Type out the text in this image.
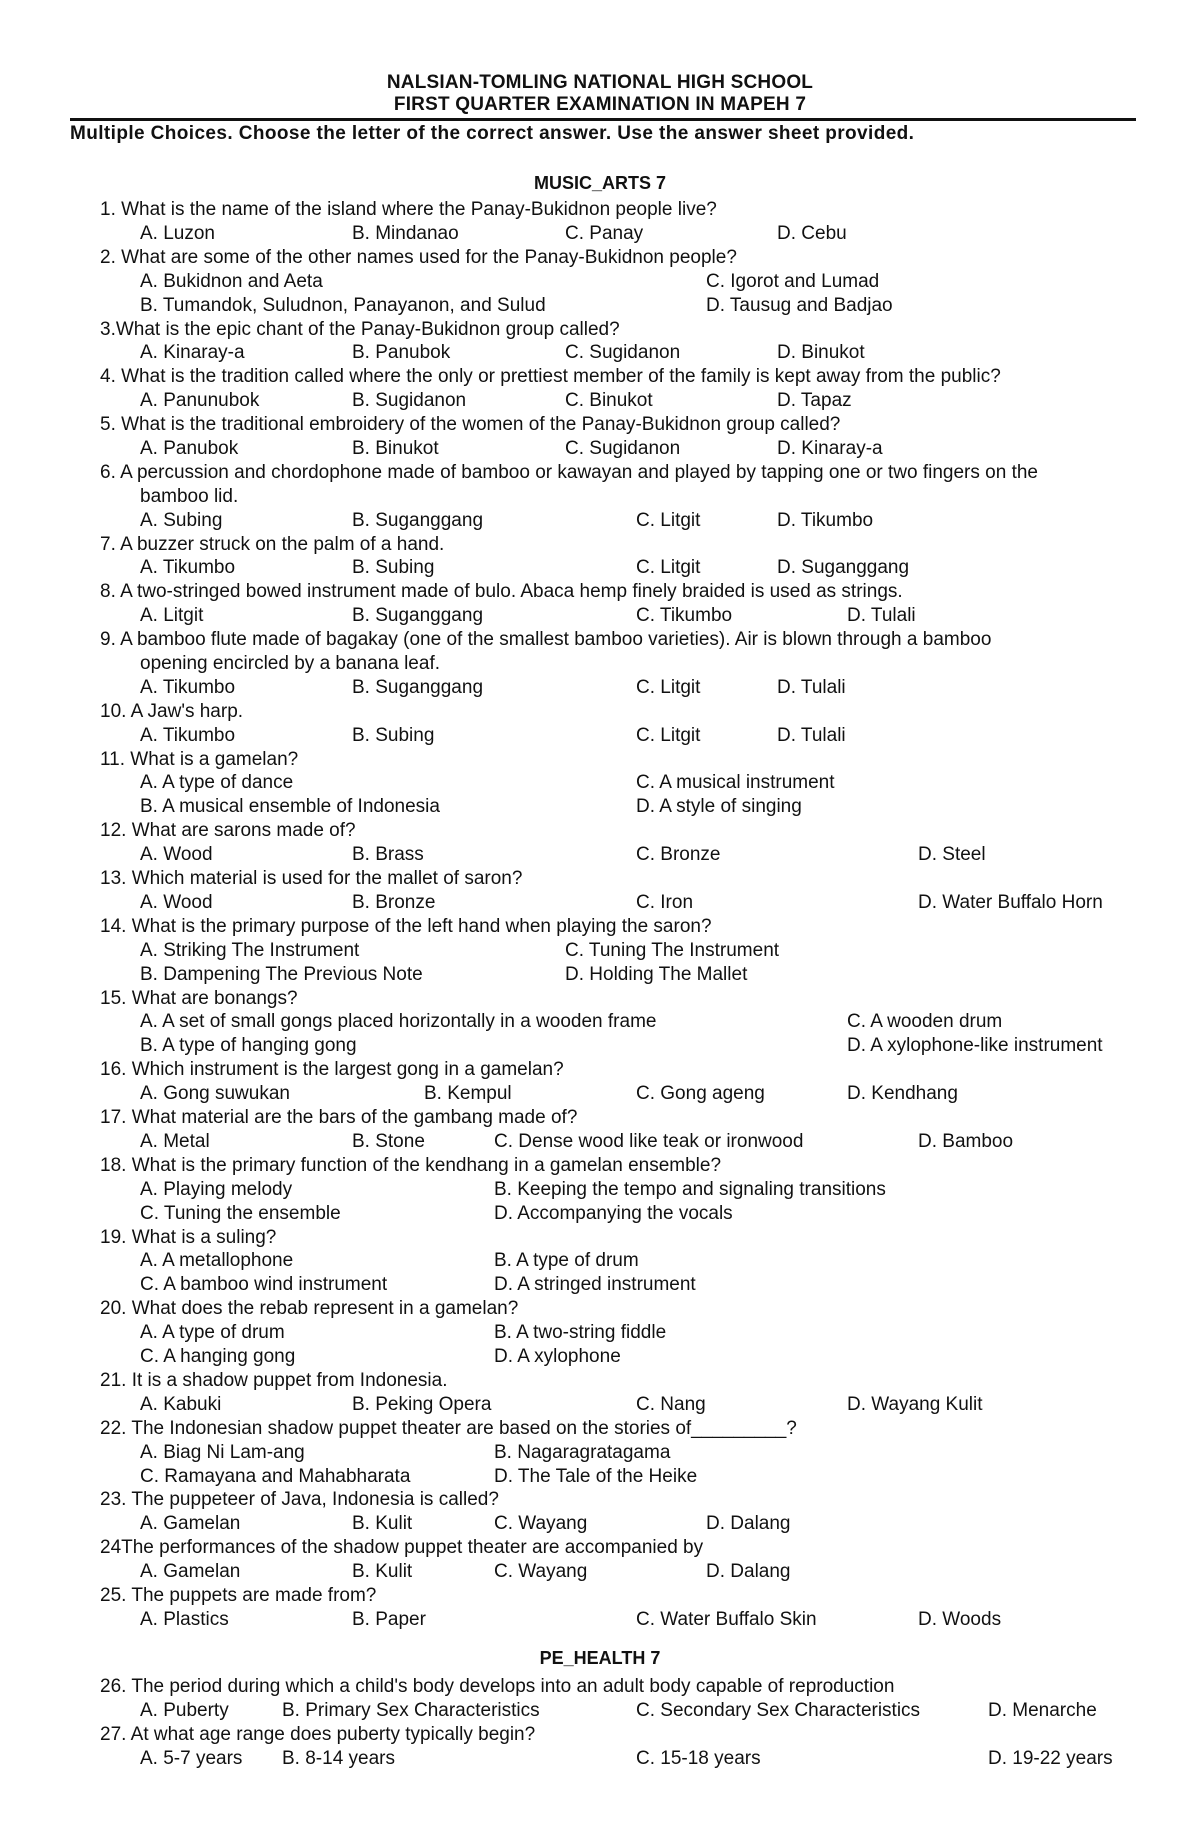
NALSIAN-TOMLING NATIONAL HIGH SCHOOL
FIRST QUARTER EXAMINATION IN MAPEH 7
Multiple Choices. Choose the letter of the correct answer. Use the answer sheet provided.
MUSIC_ARTS 7
PE_HEALTH 7
1. What is the name of the island where the Panay-Bukidnon people live?
A. Luzon	B. Mindanao	C. Panay	D. Cebu
2. What are some of the other names used for the Panay-Bukidnon people?
A. Bukidnon and Aeta	C. Igorot and Lumad
B. Tumandok, Suludnon, Panayanon, and Sulud	D. Tausug and Badjao
3.What is the epic chant of the Panay-Bukidnon group called?
A. Kinaray-a	B. Panubok	C. Sugidanon	D. Binukot
4. What is the tradition called where the only or prettiest member of the family is kept away from the public?
A. Panunubok	B. Sugidanon	C. Binukot	D. Tapaz
5. What is the traditional embroidery of the women of the Panay-Bukidnon group called?
A. Panubok	B. Binukot	C. Sugidanon	D. Kinaray-a
6. A percussion and chordophone made of bamboo or kawayan and played by tapping one or two fingers on the
bamboo lid.
A. Subing	B. Suganggang	C. Litgit	D. Tikumbo
7. A buzzer struck on the palm of a hand.
A. Tikumbo	B. Subing	C. Litgit	D. Suganggang
8. A two-stringed bowed instrument made of bulo. Abaca hemp finely braided is used as strings.
A. Litgit	B. Suganggang	C. Tikumbo	D. Tulali
9. A bamboo flute made of bagakay (one of the smallest bamboo varieties). Air is blown through a bamboo
opening encircled by a banana leaf.
A. Tikumbo	B. Suganggang	C. Litgit	D. Tulali
10. A Jaw's harp.
A. Tikumbo	B. Subing	C. Litgit	D. Tulali
11. What is a gamelan?
A. A type of dance	C. A musical instrument
B. A musical ensemble of Indonesia	D. A style of singing
12. What are sarons made of?
A. Wood	B. Brass	C. Bronze	D. Steel
13. Which material is used for the mallet of saron?
A. Wood	B. Bronze	C. Iron	D. Water Buffalo Horn
14. What is the primary purpose of the left hand when playing the saron?
A. Striking The Instrument	C. Tuning The Instrument
B. Dampening The Previous Note	D. Holding The Mallet
15. What are bonangs?
A. A set of small gongs placed horizontally in a wooden frame	C. A wooden drum
B. A type of hanging gong	D. A xylophone-like instrument
16. Which instrument is the largest gong in a gamelan?
A. Gong suwukan	B. Kempul	C. Gong ageng	D. Kendhang
17. What material are the bars of the gambang made of?
A. Metal	B. Stone	C. Dense wood like teak or ironwood	D. Bamboo
18. What is the primary function of the kendhang in a gamelan ensemble?
A. Playing melody	B. Keeping the tempo and signaling transitions
C. Tuning the ensemble	D. Accompanying the vocals
19. What is a suling?
A. A metallophone	B. A type of drum
C. A bamboo wind instrument	D. A stringed instrument
20. What does the rebab represent in a gamelan?
A. A type of drum	B. A two-string fiddle
C. A hanging gong	D. A xylophone
21. It is a shadow puppet from Indonesia.
A. Kabuki	B. Peking Opera	C. Nang	D. Wayang Kulit
22. The Indonesian shadow puppet theater are based on the stories of_________?
A. Biag Ni Lam-ang	B. Nagaragratagama
C. Ramayana and Mahabharata	D. The Tale of the Heike
23. The puppeteer of Java, Indonesia is called?
A. Gamelan	B. Kulit	C. Wayang	D. Dalang
24The performances of the shadow puppet theater are accompanied by
A. Gamelan	B. Kulit	C. Wayang	D. Dalang
25. The puppets are made from?
A. Plastics	B. Paper	C. Water Buffalo Skin	D. Woods
26. The period during which a child's body develops into an adult body capable of reproduction
A. Puberty	B. Primary Sex Characteristics	C. Secondary Sex Characteristics	D. Menarche
27. At what age range does puberty typically begin?
A. 5-7 years B. 8-14 years	C. 15-18 years	D. 19-22 years
